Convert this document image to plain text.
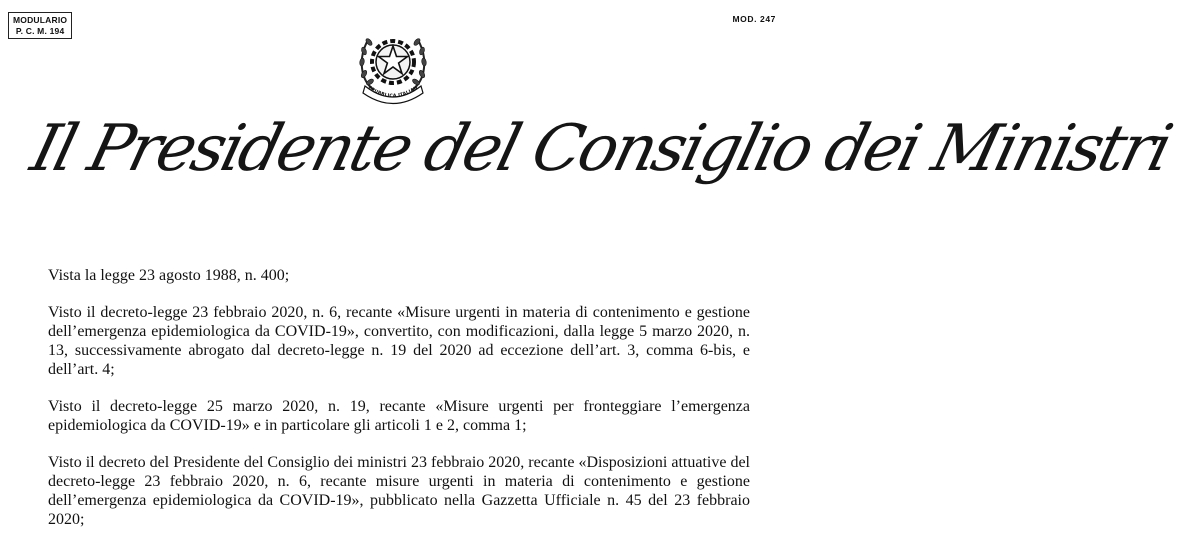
MODULARIO
P. C. M. 194
MOD. 247
EPUBBLICA ITALIAN
Il Presidente del Consiglio dei Ministri

Vista la legge 23 agosto 1988, n. 400;

Visto il decreto-legge 23 febbraio 2020, n. 6, recante «Misure urgenti in materia di contenimento e gestione dell’emergenza epidemiologica da COVID-19», convertito, con modificazioni, dalla legge 5 marzo 2020, n. 13, successivamente abrogato dal decreto-legge n. 19 del 2020 ad eccezione dell’art. 3, comma 6-bis, e dell’art. 4;

Visto il decreto-legge 25 marzo 2020, n. 19, recante «Misure urgenti per fronteggiare l’emergenza epidemiologica da COVID-19» e in particolare gli articoli 1 e 2, comma 1;

Visto il decreto del Presidente del Consiglio dei ministri 23 febbraio 2020, recante «Disposizioni attuative del decreto-legge 23 febbraio 2020, n. 6, recante misure urgenti in materia di contenimento e gestione dell’emergenza epidemiologica da COVID-19», pubblicato nella Gazzetta Ufficiale n. 45 del 23 febbraio 2020;
